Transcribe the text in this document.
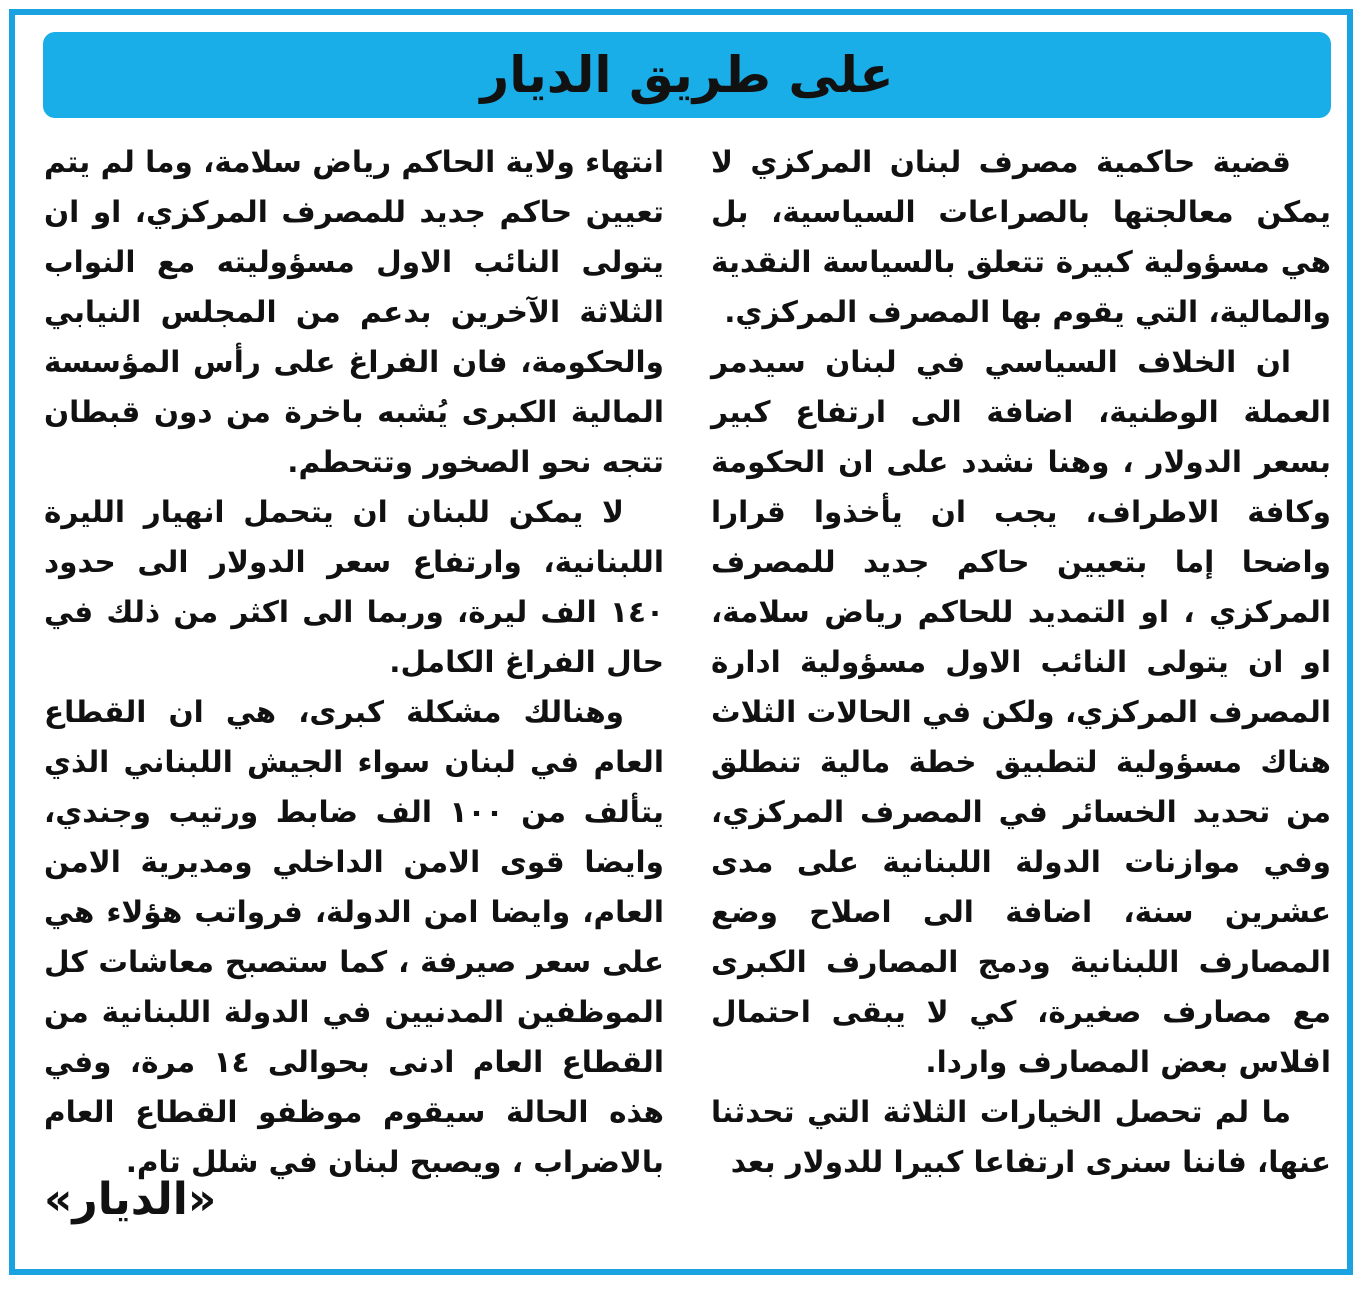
على طريق الديار

قضية حاكمية مصرف لبنان المركزي لا يمكن معالجتها بالصراعات السياسية، بل هي مسؤولية كبيرة تتعلق بالسياسة النقدية والمالية، التي يقوم بها المصرف المركزي.

ان الخلاف السياسي في لبنان سيدمر العملة الوطنية، اضافة الى ارتفاع كبير بسعر الدولار ، وهنا نشدد على ان الحكومة وكافة الاطراف، يجب ان يأخذوا قرارا واضحا إما بتعيين حاكم جديد للمصرف المركزي ، او التمديد للحاكم رياض سلامة، او ان يتولى النائب الاول مسؤولية ادارة المصرف المركزي، ولكن في الحالات الثلاث هناك مسؤولية لتطبيق خطة مالية تنطلق من تحديد الخسائر في المصرف المركزي، وفي موازنات الدولة اللبنانية على مدى عشرين سنة، اضافة الى اصلاح وضع المصارف اللبنانية ودمج المصارف الكبرى مع مصارف صغيرة، كي لا يبقى احتمال افلاس بعض المصارف واردا.

ما لم تحصل الخيارات الثلاثة التي تحدثنا عنها، فاننا سنرى ارتفاعا كبيرا للدولار بعد

انتهاء ولاية الحاكم رياض سلامة، وما لم يتم تعيين حاكم جديد للمصرف المركزي، او ان يتولى النائب الاول مسؤوليته مع النواب الثلاثة الآخرين بدعم من المجلس النيابي والحكومة، فان الفراغ على رأس المؤسسة المالية الكبرى يُشبه باخرة من دون قبطان تتجه نحو الصخور وتتحطم.

لا يمكن للبنان ان يتحمل انهيار الليرة اللبنانية، وارتفاع سعر الدولار الى حدود ١٤٠ الف ليرة، وربما الى اكثر من ذلك في حال الفراغ الكامل.

وهنالك مشكلة كبرى، هي ان القطاع العام في لبنان سواء الجيش اللبناني الذي يتألف من ١٠٠ الف ضابط ورتيب وجندي، وايضا قوى الامن الداخلي ومديرية الامن العام، وايضا امن الدولة، فرواتب هؤلاء هي على سعر صيرفة ، كما ستصبح معاشات كل الموظفين المدنيين في الدولة اللبنانية من القطاع العام ادنى بحوالى ١٤ مرة، وفي هذه الحالة سيقوم موظفو القطاع العام بالاضراب ، ويصبح لبنان في شلل تام.

«الديار»
